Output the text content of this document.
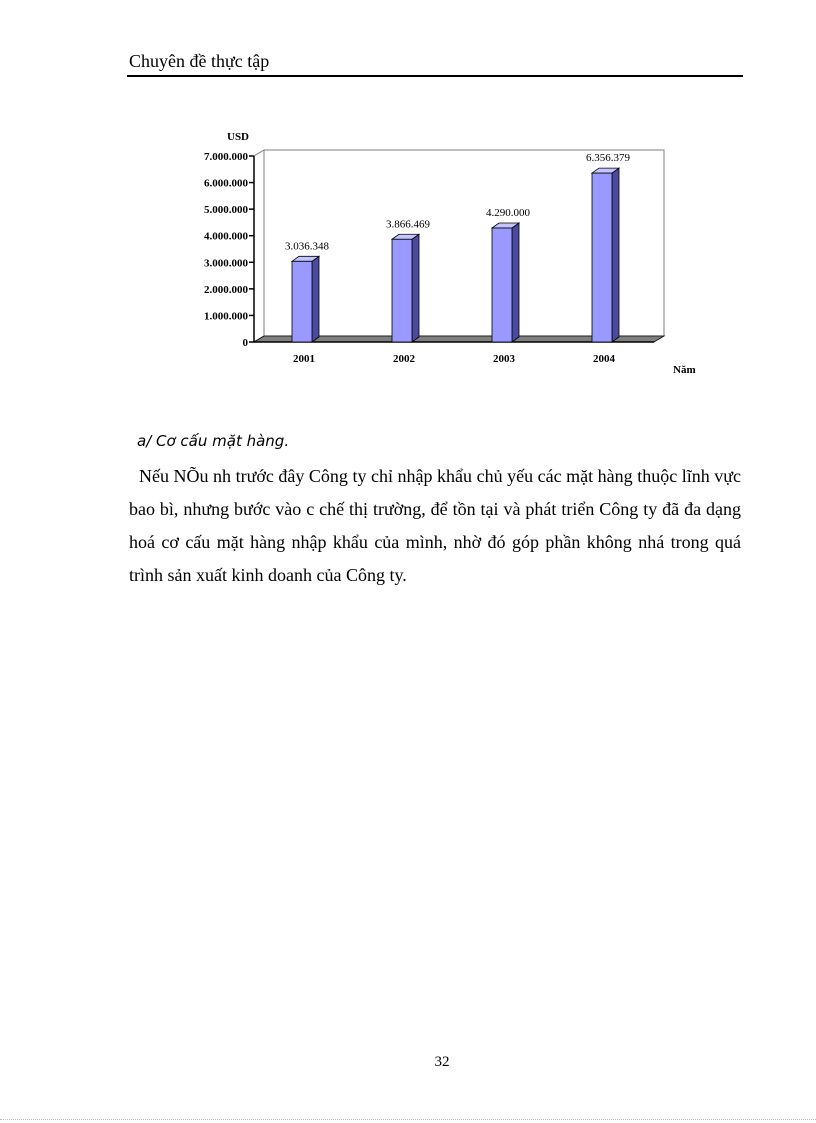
Chuyên đề thực tập
0
1.000.000
2.000.000
3.000.000
4.000.000
5.000.000
6.000.000
7.000.000
USD
Năm
3.036.348
2001
3.866.469
2002
4.290.000
2003
6.356.379
2004
a/ Cơ cấu mặt hàng.

Nếu NÕu nh trước đây Công ty chỉ nhập khẩu chủ yếu các mặt hàng thuộc lĩnh vực bao bì, nhưng bước vào c chế thị trường, để tồn tại và phát triển Công ty đã đa dạng hoá cơ cấu mặt hàng nhập khẩu của mình, nhờ đó góp phần không nhá trong quá trình sản xuất kinh doanh của Công ty.

32
